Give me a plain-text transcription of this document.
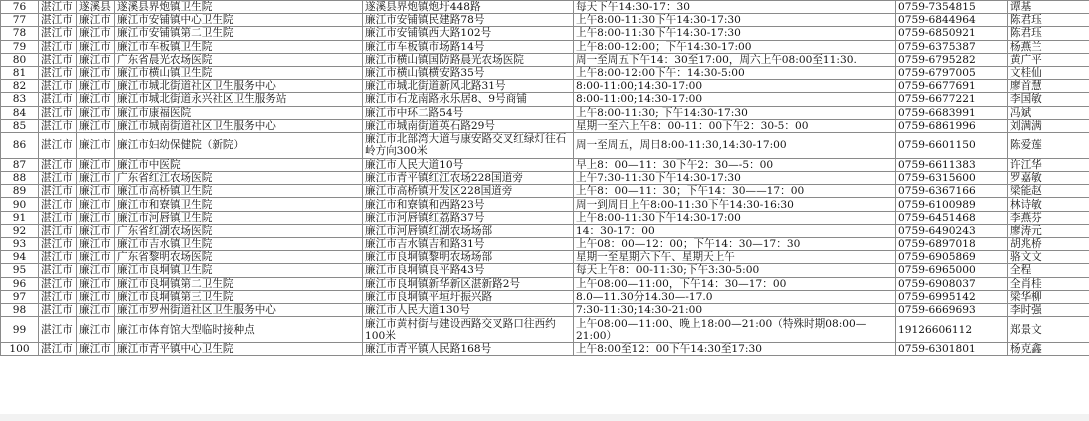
76	湛江市	遂溪县	遂溪县界炮镇卫生院	遂溪县界炮镇炮圩448路	每天下午14:30-17：30	0759-7354815	谭基
77	湛江市	廉江市	廉江市安铺镇中心卫生院	廉江市安铺镇民建路78号	上午8:00-11:30下午14:30-17:30	0759-6844964	陈君珏
78	湛江市	廉江市	廉江市安铺镇第二卫生院	廉江市安铺镇西大路102号	上午8:00-11:30下午14:30-17:30	0759-6850921	陈君珏
79	湛江市	廉江市	廉江市车板镇卫生院	廉江市车板镇市场路14号	上午8:00-12:00；下午14:30-17:00	0759-6375387	杨燕兰
80	湛江市	廉江市	广东省晨光农场医院	廉江市横山镇国防路晨光农场医院	周一至周五下午14：30至17:00，周六上午08:00至11:30.	0759-6795282	黄广平
81	湛江市	廉江市	廉江市横山镇卫生院	廉江市横山镇横安路35号	上午8:00-12:00下午：14:30-5:00	0759-6797005	文桂仙
82	湛江市	廉江市	廉江市城北街道社区卫生服务中心	廉江市城北街道新风北路31号	8:00-11:00;14:30-17:00	0759-6677691	廖首慧
83	湛江市	廉江市	廉江市城北街道永兴社区卫生服务站	廉江市石龙南路永乐居8、9号商铺	8:00-11:00;14:30-17:00	0759-6677221	李国敏
84	湛江市	廉江市	廉江市康福医院	廉江市中环二路54号	上午8:00-11:30; 下午14:30-17:30	0759-6683991	冯斌
85	湛江市	廉江市	廉江市城南街道社区卫生服务中心	廉江市城南街道英石路29号	星期一至六上午8：00-11：00下午2：30-5：00	0759-6861996	刘满满
86	湛江市	廉江市	廉江市妇幼保健院（新院）	廉江市北部湾大道与康安路交叉红绿灯往石岭方向300米	周一至周五，周日8:00-11:30,14:30-17:00	0759-6601150	陈爱莲
87	湛江市	廉江市	廉江市中医院	廉江市人民大道10号	早上8：00—11：30下午2：30—-5：00	0759-6611383	许江华
88	湛江市	廉江市	广东省红江农场医院	廉江市青平镇红江农场228国道旁	上午7:30-11:30下午14:30-17:30	0759-6315600	罗嘉敏
89	湛江市	廉江市	廉江市高桥镇卫生院	廉江市高桥镇开发区228国道旁	上午8：00—11：30；下午14：30——17：00	0759-6367166	梁能赵
90	湛江市	廉江市	廉江市和寮镇卫生院	廉江市和寮镇和西路23号	周一到周日上午8:00-11:30下午14:30-16:30	0759-6100989	林诗敏
91	湛江市	廉江市	廉江市河唇镇卫生院	廉江市河唇镇红荔路37号	上午8:00-11:30下午14:30-17:00	0759-6451468	李燕芬
92	湛江市	廉江市	广东省红湖农场医院	廉江市河唇镇红湖农场场部	14：30-17：00	0759-6490243	廖涛元
93	湛江市	廉江市	廉江市吉水镇卫生院	廉江市吉水镇吉和路31号	上午08：00—12：00；下午14：30—17：30	0759-6897018	胡兆桥
94	湛江市	廉江市	广东省黎明农场医院	廉江市良垌镇黎明农场场部	星期一至星期六下午、星期天上午	0759-6905869	骆文文
95	湛江市	廉江市	廉江市良垌镇卫生院	廉江市良垌镇良平路43号	每天上午8：00-11:30;下午3:30-5:00	0759-6965000	全程
96	湛江市	廉江市	廉江市良垌镇第二卫生院	廉江市良垌镇新华新区湛新路2号	上午08:00—11:00，下午14：30—17：00	0759-6908037	全肖桂
97	湛江市	廉江市	廉江市良垌镇第三卫生院	廉江市良垌镇平垣圩振兴路	8.0—11.30分14.30—-17.0	0759-6995142	梁华柳
98	湛江市	廉江市	廉江市罗州街道社区卫生服务中心	廉江市人民大道130号	7:30-11:30;14:30-21:00	0759-6669693	李时强
99	湛江市	廉江市	廉江市体育馆大型临时接种点	廉江市黄村街与建设西路交叉路口往西约100米	上午08:00—11:00、晚上18:00—21:00（特殊时期08:00—21:00）	19126606112	郑景文
100	湛江市	廉江市	廉江市青平镇中心卫生院	廉江市青平镇人民路168号	上午8:00至12：00下午14:30至17:30	0759-6301801	杨克鑫
